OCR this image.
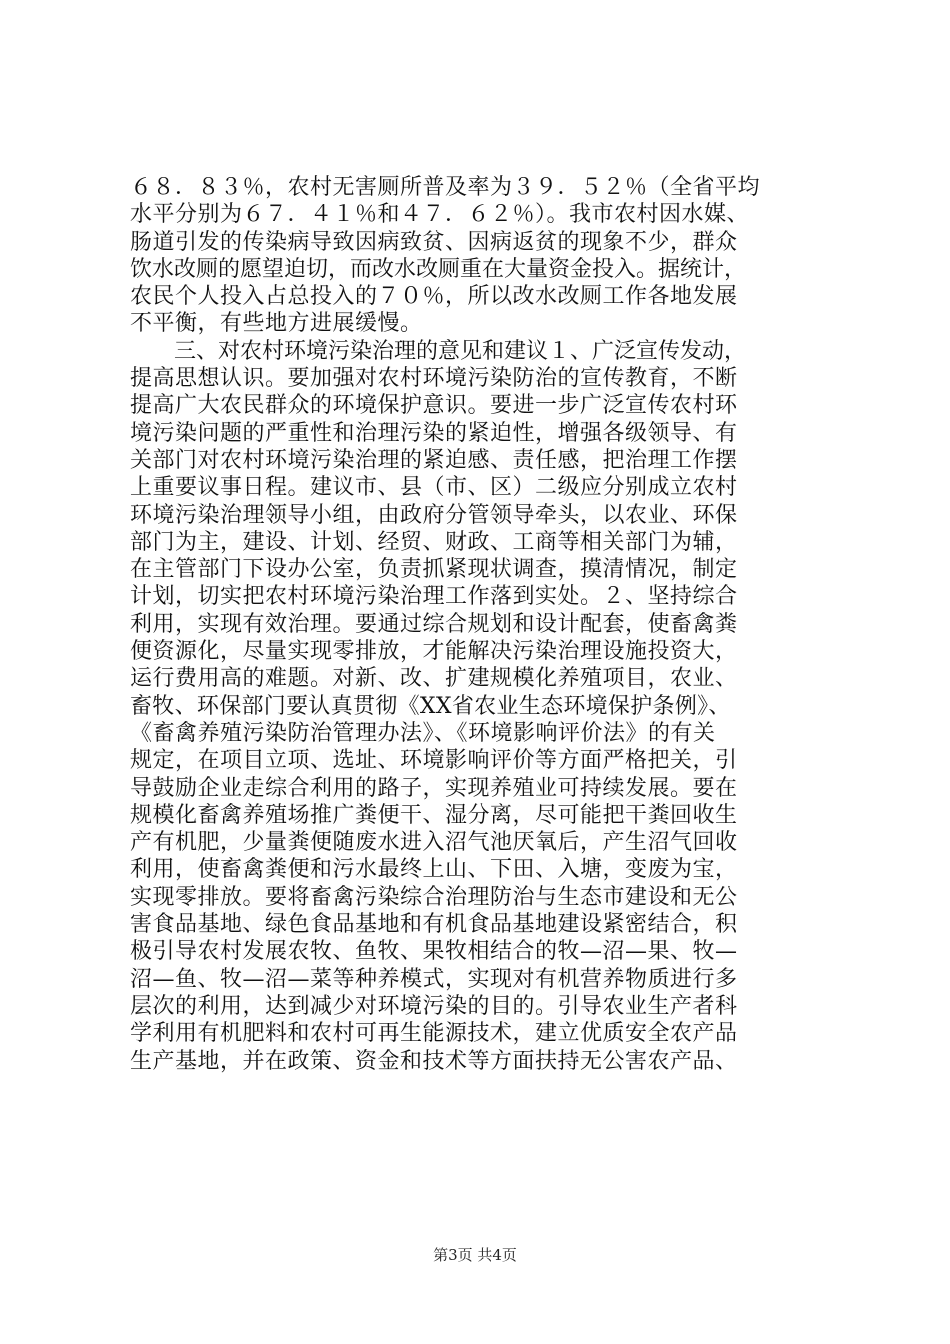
６８．８３％，农村无害厕所普及率为３９．５２％（全省平均
水平分别为６７．４１％和４７．６２％）。我市农村因水媒、
肠道引发的传染病导致因病致贫、因病返贫的现象不少，群众
饮水改厕的愿望迫切，而改水改厕重在大量资金投入。据统计，
农民个人投入占总投入的７０％，所以改水改厕工作各地发展
不平衡，有些地方进展缓慢。
　　三、对农村环境污染治理的意见和建议１、广泛宣传发动，
提高思想认识。要加强对农村环境污染防治的宣传教育，不断
提高广大农民群众的环境保护意识。要进一步广泛宣传农村环
境污染问题的严重性和治理污染的紧迫性，增强各级领导、有
关部门对农村环境污染治理的紧迫感、责任感，把治理工作摆
上重要议事日程。建议市、县（市、区）二级应分别成立农村
环境污染治理领导小组，由政府分管领导牵头，以农业、环保
部门为主，建设、计划、经贸、财政、工商等相关部门为辅，
在主管部门下设办公室，负责抓紧现状调查，摸清情况，制定
计划，切实把农村环境污染治理工作落到实处。２、坚持综合
利用，实现有效治理。要通过综合规划和设计配套，使畜禽粪
便资源化，尽量实现零排放，才能解决污染治理设施投资大，
运行费用高的难题。对新、改、扩建规模化养殖项目，农业、
畜牧、环保部门要认真贯彻《XX省农业生态环境保护条例》、
《畜禽养殖污染防治管理办法》、《环境影响评价法》的有关
规定，在项目立项、选址、环境影响评价等方面严格把关，引
导鼓励企业走综合利用的路子，实现养殖业可持续发展。要在
规模化畜禽养殖场推广粪便干、湿分离，尽可能把干粪回收生
产有机肥，少量粪便随废水进入沼气池厌氧后，产生沼气回收
利用，使畜禽粪便和污水最终上山、下田、入塘，变废为宝，
实现零排放。要将畜禽污染综合治理防治与生态市建设和无公
害食品基地、绿色食品基地和有机食品基地建设紧密结合，积
极引导农村发展农牧、鱼牧、果牧相结合的牧—沼—果、牧—
沼—鱼、牧—沼—菜等种养模式，实现对有机营养物质进行多
层次的利用，达到减少对环境污染的目的。引导农业生产者科
学利用有机肥料和农村可再生能源技术，建立优质安全农产品
生产基地，并在政策、资金和技术等方面扶持无公害农产品、
第3页 共4页
